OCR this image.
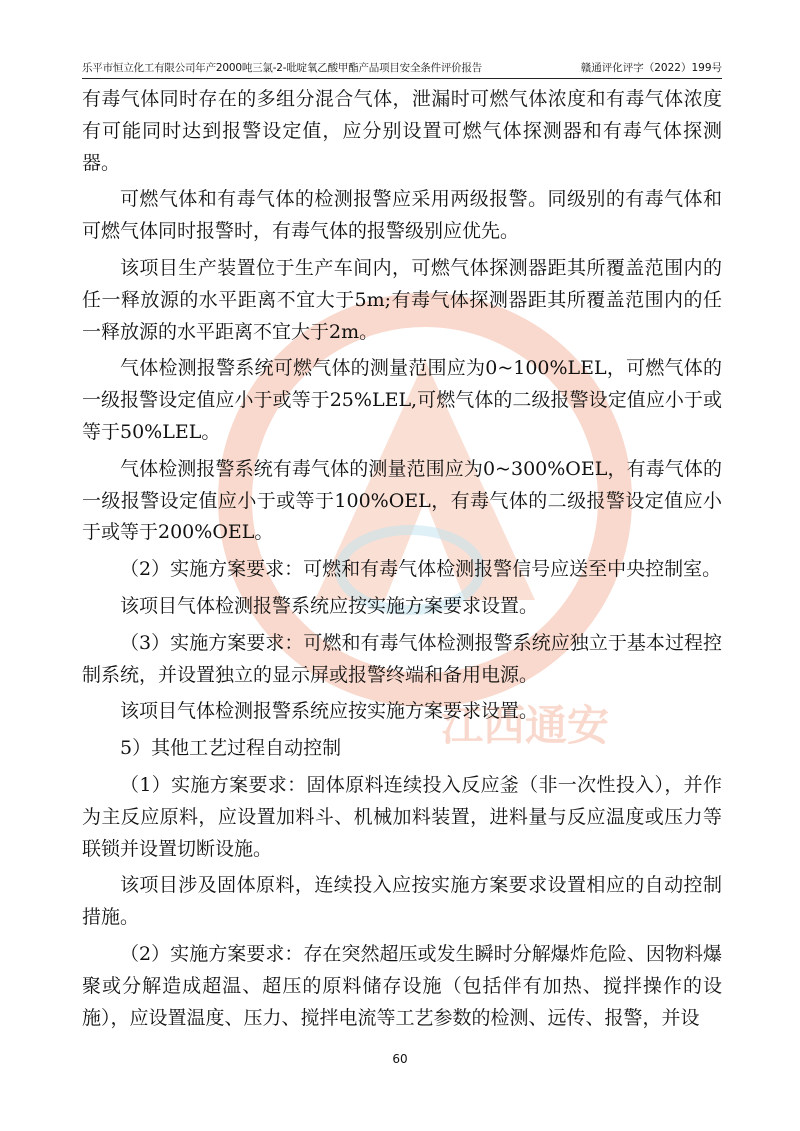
乐平市恒立化工有限公司年产2000吨三氯-2-吡啶氧乙酸甲酯产品项目安全条件评价报告	赣通评化评字（2022）199号
江西通安

有毒气体同时存在的多组分混合气体，泄漏时可燃气体浓度和有毒气体浓度有可能同时达到报警设定值，应分别设置可燃气体探测器和有毒气体探测器。

可燃气体和有毒气体的检测报警应采用两级报警。同级别的有毒气体和可燃气体同时报警时，有毒气体的报警级别应优先。

该项目生产装置位于生产车间内，可燃气体探测器距其所覆盖范围内的任一释放源的水平距离不宜大于5m;有毒气体探测器距其所覆盖范围内的任一释放源的水平距离不宜大于2m。

气体检测报警系统可燃气体的测量范围应为0~100%LEL，可燃气体的一级报警设定值应小于或等于25%LEL,可燃气体的二级报警设定值应小于或等于50%LEL。

气体检测报警系统有毒气体的测量范围应为0~300%OEL，有毒气体的一级报警设定值应小于或等于100%OEL，有毒气体的二级报警设定值应小于或等于200%OEL。

（2）实施方案要求：可燃和有毒气体检测报警信号应送至中央控制室。

该项目气体检测报警系统应按实施方案要求设置。

（3）实施方案要求：可燃和有毒气体检测报警系统应独立于基本过程控制系统，并设置独立的显示屏或报警终端和备用电源。

该项目气体检测报警系统应按实施方案要求设置。

5）其他工艺过程自动控制

（1）实施方案要求：固体原料连续投入反应釜（非一次性投入），并作为主反应原料，应设置加料斗、机械加料装置，进料量与反应温度或压力等联锁并设置切断设施。

该项目涉及固体原料，连续投入应按实施方案要求设置相应的自动控制措施。

（2）实施方案要求：存在突然超压或发生瞬时分解爆炸危险、因物料爆聚或分解造成超温、超压的原料储存设施（包括伴有加热、搅拌操作的设施），应设置温度、压力、搅拌电流等工艺参数的检测、远传、报警，并设

60
